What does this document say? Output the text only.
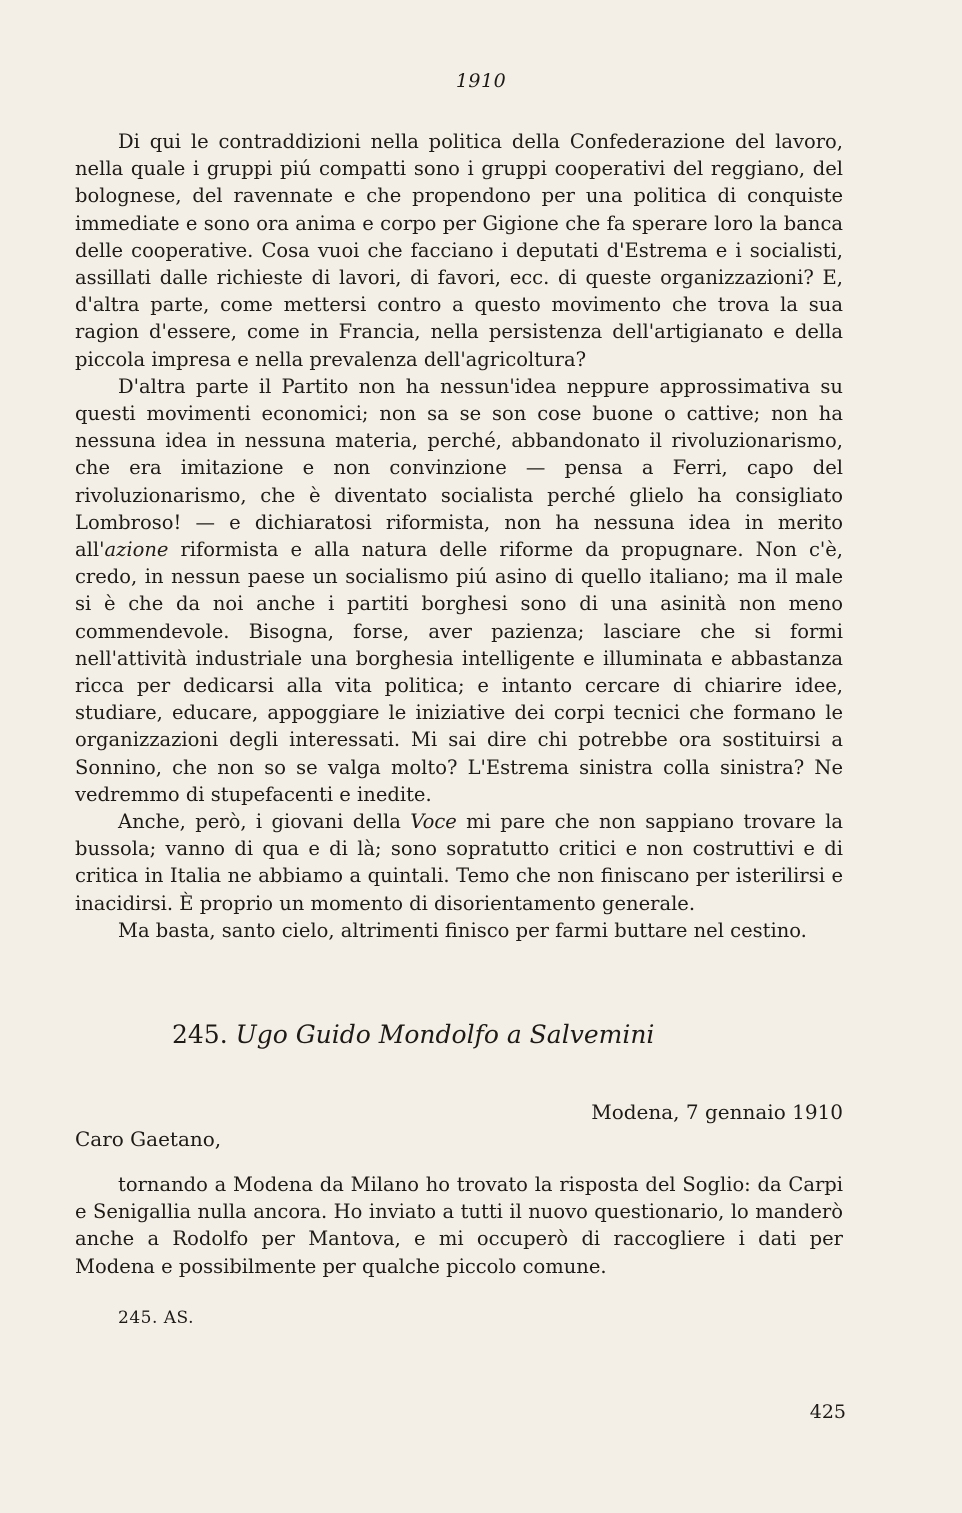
1910

Di qui le contraddizioni nella politica della Confederazione del lavoro, nella quale i gruppi piú compatti sono i gruppi cooperativi del reggiano, del bolognese, del ravennate e che propendono per una politica di conquiste immediate e sono ora anima e corpo per Gigione che fa sperare loro la banca delle cooperative. Cosa vuoi che facciano i deputati d'Estrema e i socialisti, assillati dalle richieste di lavori, di favori, ecc. di queste organizzazioni? E, d'altra parte, come mettersi contro a questo movimento che trova la sua ragion d'essere, come in Francia, nella persistenza dell'artigianato e della piccola impresa e nella prevalenza dell'agricoltura?

D'altra parte il Partito non ha nessun'idea neppure approssimativa su questi movimenti economici; non sa se son cose buone o cattive; non ha nessuna idea in nessuna materia, perché, abbandonato il rivoluzionarismo, che era imitazione e non convinzione — pensa a Ferri, capo del rivoluzionarismo, che è diventato socialista perché glielo ha consigliato Lombroso! — e dichiaratosi riformista, non ha nessuna idea in merito all'azione riformista e alla natura delle riforme da propugnare. Non c'è, credo, in nessun paese un socialismo piú asino di quello italiano; ma il male si è che da noi anche i partiti borghesi sono di una asinità non meno commendevole. Bisogna, forse, aver pazienza; lasciare che si formi nell'attività industriale una borghesia intelligente e illuminata e abbastanza ricca per dedicarsi alla vita politica; e intanto cercare di chiarire idee, studiare, educare, appoggiare le iniziative dei corpi tecnici che formano le organizzazioni degli interessati. Mi sai dire chi potrebbe ora sostituirsi a Sonnino, che non so se valga molto? L'Estrema sinistra colla sinistra? Ne vedremmo di stupefacenti e inedite.

Anche, però, i giovani della Voce mi pare che non sappiano trovare la bussola; vanno di qua e di là; sono sopratutto critici e non costruttivi e di critica in Italia ne abbiamo a quintali. Temo che non finiscano per isterilirsi e inacidirsi. È proprio un momento di disorientamento generale.

Ma basta, santo cielo, altrimenti finisco per farmi buttare nel cestino.

245. Ugo Guido Mondolfo a Salvemini
Modena, 7 gennaio 1910
Caro Gaetano,

tornando a Modena da Milano ho trovato la risposta del Soglio: da Carpi e Senigallia nulla ancora. Ho inviato a tutti il nuovo questionario, lo manderò anche a Rodolfo per Mantova, e mi occuperò di raccogliere i dati per Modena e possibilmente per qualche piccolo comune.

245. AS.
425
